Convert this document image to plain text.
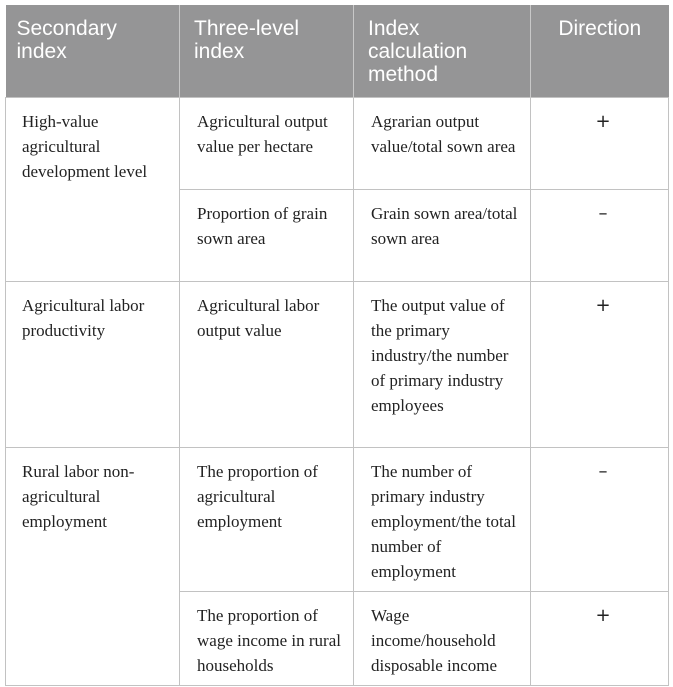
Secondary index	Three-level index	Index calculation method	Direction
High-value agricultural development level	Agricultural output value per hectare	Agrarian output value/total sown area	+
	Proportion of grain sown area	Grain sown area/total sown area	–
Agricultural labor productivity	Agricultural labor output value	The output value of the primary industry/the number of primary industry employees	+
Rural labor non-agricultural employment	The proportion of agricultural employment	The number of primary industry employment/the total number of employment	–
	The proportion of wage income in rural households	Wage income/household disposable income	+
